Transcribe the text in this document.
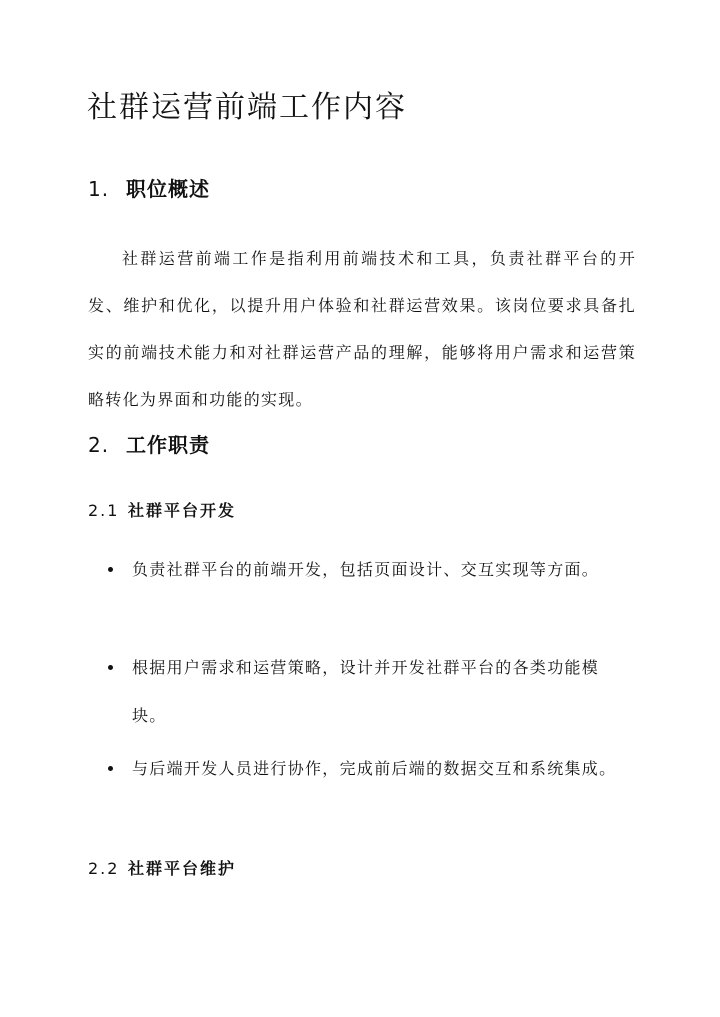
社群运营前端工作内容
1. 职位概述

社群运营前端工作是指利用前端技术和工具，负责社群平台的开发、维护和优化，以提升用户体验和社群运营效果。该岗位要求具备扎实的前端技术能力和对社群运营产品的理解，能够将用户需求和运营策略转化为界面和功能的实现。

2. 工作职责
2.1 社群平台开发
负责社群平台的前端开发，包括页面设计、交互实现等方面。
根据用户需求和运营策略，设计并开发社群平台的各类功能模块。
与后端开发人员进行协作，完成前后端的数据交互和系统集成。
2.2 社群平台维护
